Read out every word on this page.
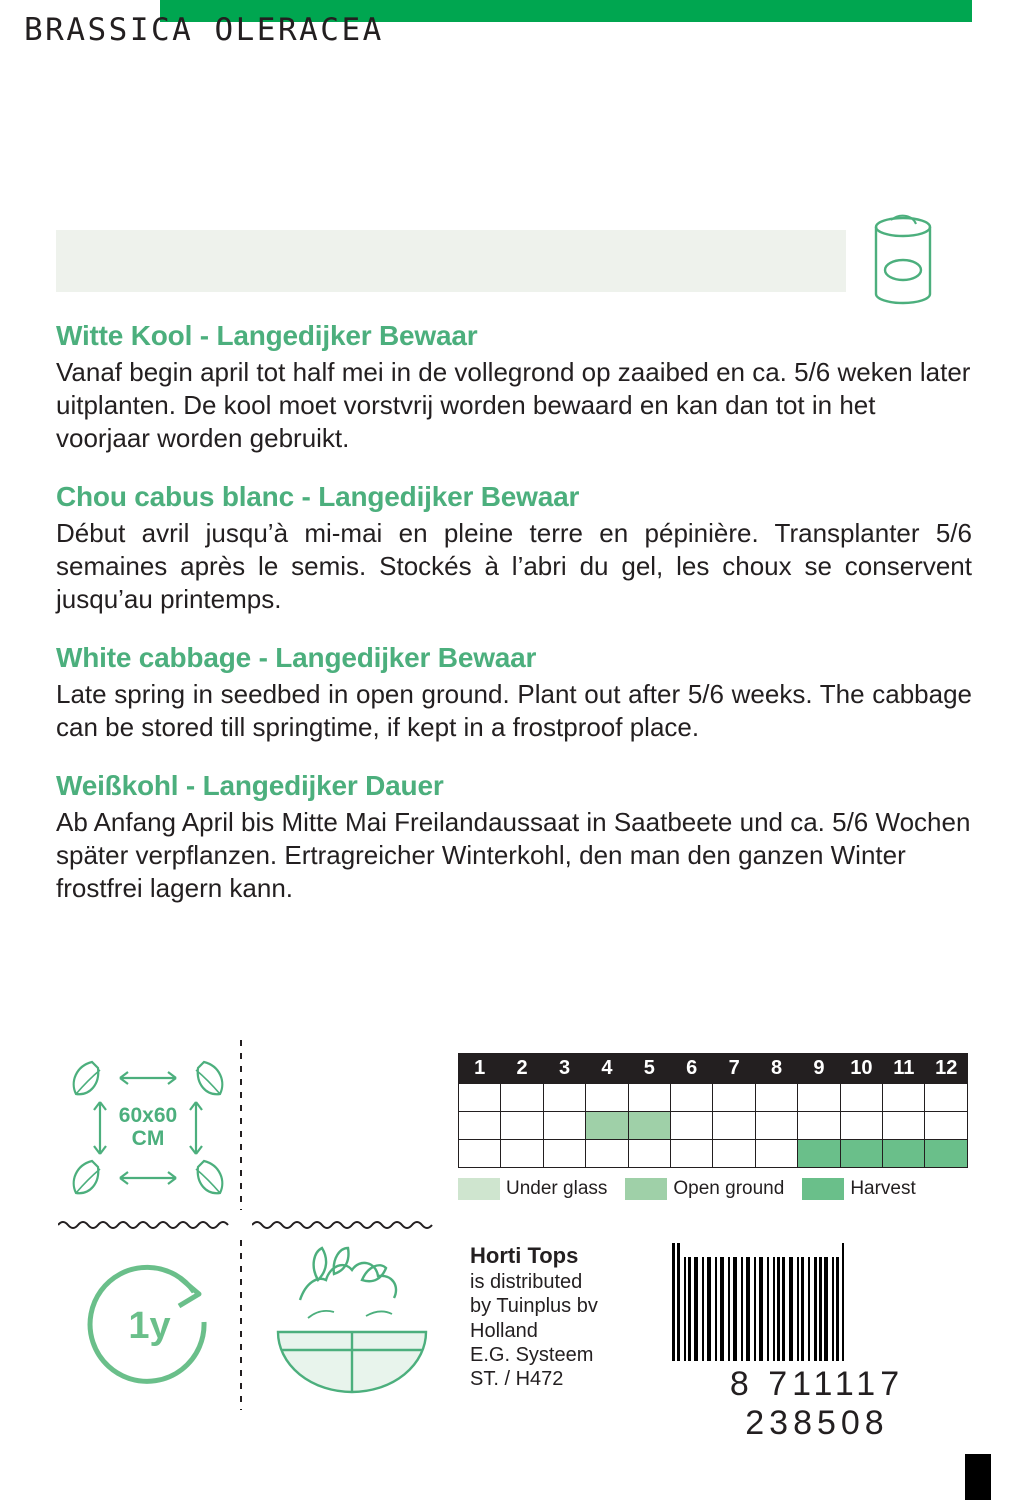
BRASSICA OLERACEA
Witte Kool - Langedijker Bewaar

Vanaf begin april tot half mei in de vollegrond op zaaibed en ca. 5/6 weken later uitplanten. De kool moet vorstvrij worden bewaard en kan dan tot in het voorjaar worden gebruikt.

Chou cabus blanc - Langedijker Bewaar

Début avril jusqu’à mi-mai en pleine terre en pépinière. Transplanter 5/6 semaines après le semis. Stockés à l’abri du gel, les choux se conservent jusqu’au printemps.

White cabbage - Langedijker Bewaar

Late spring in seedbed in open ground. Plant out after 5/6 weeks. The cabbage can be stored till springtime, if kept in a frostproof place.

Weißkohl - Langedijker Dauer

Ab Anfang April bis Mitte Mai Freilandaussaat in Saatbeete und ca. 5/6 Wochen später verpflanzen. Ertragreicher Winterkohl, den man den ganzen Winter frostfrei lagern kann.

60x60
CM
1y
1	2	3	4	5	6	7	8	9	10	11	12

Under glass	Open ground	Harvest
Horti Tops
is distributed
by Tuinplus bv
Holland
E.G. Systeem
ST. / H472	8 711117 238508
